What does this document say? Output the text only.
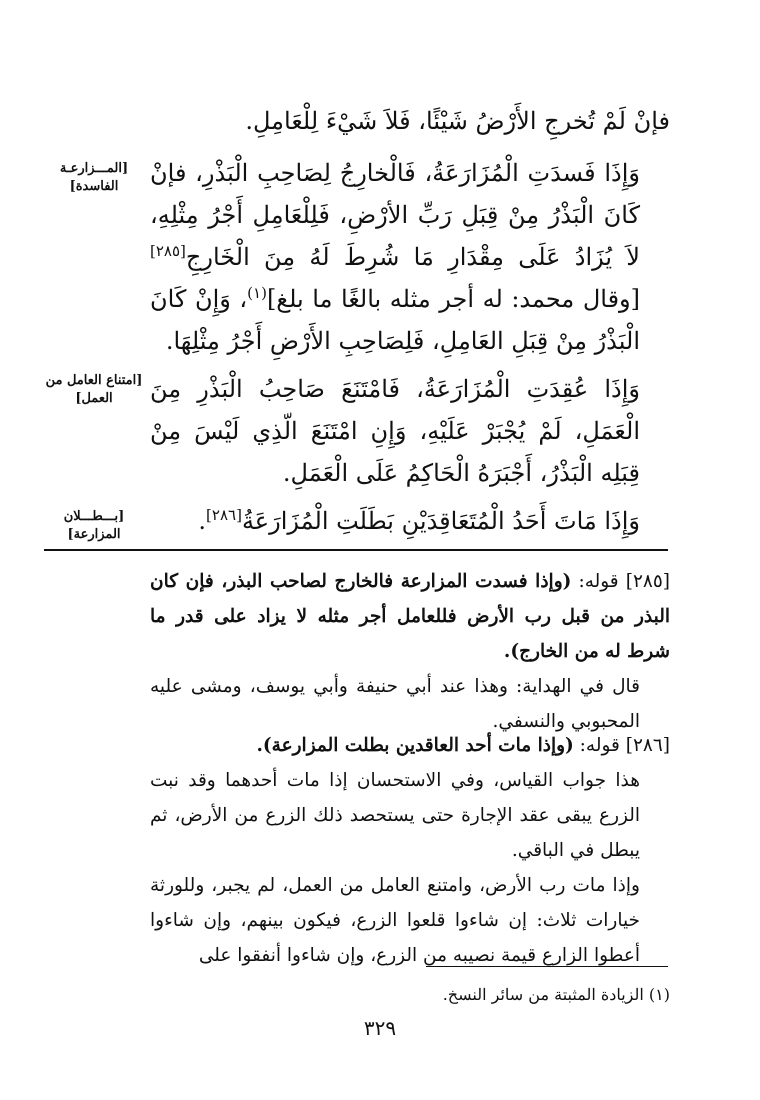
فإنْ لَمْ تُخرجِ الأَرْضُ شَيْئًا، فَلاَ شَيْءَ لِلْعَامِلِ.

وَإِذَا فَسدَتِ الْمُزَارَعَةُ، فَالْخارِجُ لِصَاحِبِ الْبَذْرِ، فإنْ كَانَ الْبَذْرُ مِنْ قِبَلِ رَبِّ الأرْضِ، فَلِلْعَامِلِ أَجْرُ مِثْلِهِ، لاَ يُزَادُ عَلَى مِقْدَارِ مَا شُرِطَ لَهُ مِنَ الْخَارِجِ[٢٨٥] [وقال محمد: له أجر مثله بالغًا ما بلغ]$^{(١)}$، وَإِنْ كَانَ الْبَذْرُ مِنْ قِبَلِ العَامِلِ، فَلِصَاحِبِ الأَرْضِ أَجْرُ مِثْلِهَا.

وَإِذَا عُقِدَتِ الْمُزَارَعَةُ، فَامْتَنَعَ صَاحِبُ الْبَذْرِ مِنَ الْعَمَلِ، لَمْ يُجْبَرْ عَلَيْهِ، وَإِنِ امْتَنَعَ الّذِي لَيْسَ مِنْ قِبَلِه الْبَذْرُ، أَجْبَرَهُ الْحَاكِمُ عَلَى الْعَمَلِ.

وَإِذَا مَاتَ أَحَدُ الْمُتَعَاقِدَيْنِ بَطَلَتِ الْمُزَارَعَةُ[٢٨٦].

[المـــزارعـة الفاسدة]
[امتناع العامل من العمل]
[بـــطـــلان المزارعة]

[٢٨٥] قوله: (وإذا فسدت المزارعة فالخارج لصاحب البذر، فإن كان البذر من قبل رب الأرض فللعامل أجر مثله لا يزاد على قدر ما شرط له من الخارج).

قال في الهداية: وهذا عند أبي حنيفة وأبي يوسف، ومشى عليه المحبوبي والنسفي.

[٢٨٦] قوله: (وإذا مات أحد العاقدين بطلت المزارعة).

هذا جواب القياس، وفي الاستحسان إذا مات أحدهما وقد نبت الزرع يبقى عقد الإجارة حتى يستحصد ذلك الزرع من الأرض، ثم يبطل في الباقي.

وإذا مات رب الأرض، وامتنع العامل من العمل، لم يجبر، وللورثة خيارات ثلاث: إن شاءوا قلعوا الزرع، فيكون بينهم، وإن شاءوا أعطوا الزارع قيمة نصيبه من الزرع، وإن شاءوا أنفقوا على

(١) الزيادة المثبتة من سائر النسخ.
٣٢٩
